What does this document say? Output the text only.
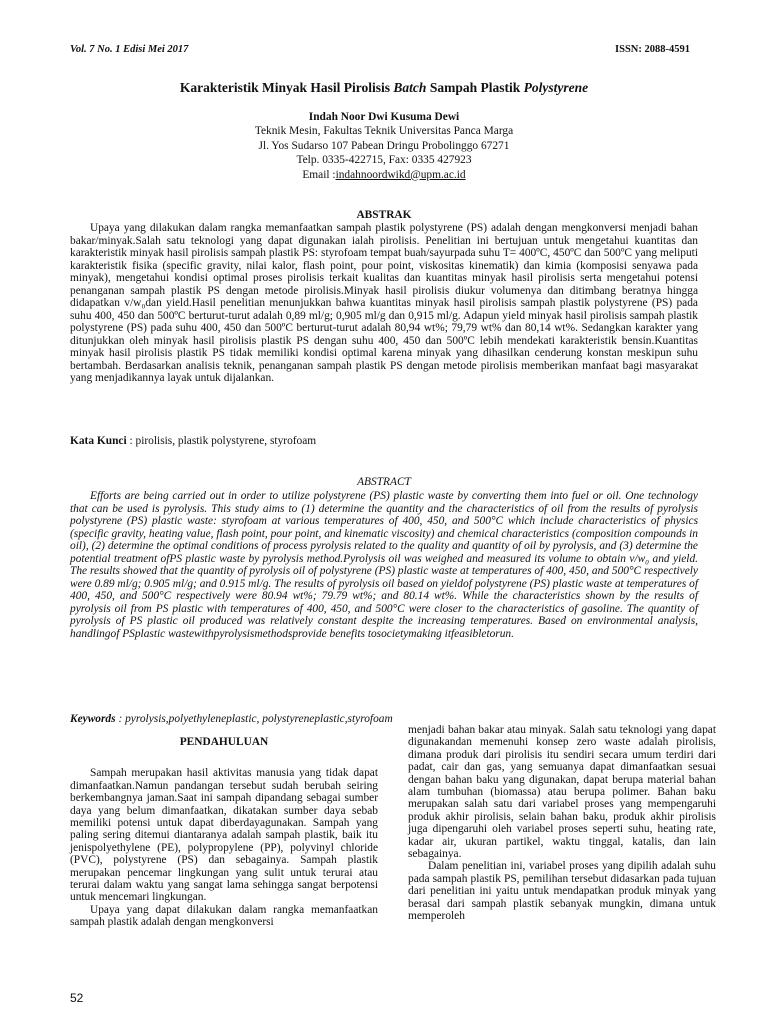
Vol. 7 No. 1 Edisi Mei 2017	ISSN: 2088-4591
Karakteristik Minyak Hasil Pirolisis Batch Sampah Plastik Polystyrene
Indah Noor Dwi Kusuma Dewi
Teknik Mesin, Fakultas Teknik Universitas Panca Marga
Jl. Yos Sudarso 107 Pabean Dringu Probolinggo 67271
Telp. 0335-422715, Fax: 0335 427923
Email :indahnoordwikd@upm.ac.id
ABSTRAK

Upaya yang dilakukan dalam rangka memanfaatkan sampah plastik polystyrene (PS) adalah dengan mengkonversi menjadi bahan bakar/minyak.Salah satu teknologi yang dapat digunakan ialah pirolisis. Penelitian ini bertujuan untuk mengetahui kuantitas dan karakteristik minyak hasil pirolisis sampah plastik PS: styrofoam tempat buah/sayurpada suhu T= 400ºC, 450ºC dan 500ºC yang meliputi karakteristik fisika (specific gravity, nilai kalor, flash point, pour point, viskositas kinematik) dan kimia (komposisi senyawa pada minyak), mengetahui kondisi optimal proses pirolisis terkait kualitas dan kuantitas minyak hasil pirolisis serta mengetahui potensi penanganan sampah plastik PS dengan metode pirolisis.Minyak hasil pirolisis diukur volumenya dan ditimbang beratnya hingga didapatkan v/w₀dan yield.Hasil penelitian menunjukkan bahwa kuantitas minyak hasil pirolisis sampah plastik polystyrene (PS) pada suhu 400, 450 dan 500ºC berturut-turut adalah 0,89 ml/g; 0,905 ml/g dan 0,915 ml/g. Adapun yield minyak hasil pirolisis sampah plastik polystyrene (PS) pada suhu 400, 450 dan 500ºC berturut-turut adalah 80,94 wt%; 79,79 wt% dan 80,14 wt%. Sedangkan karakter yang ditunjukkan oleh minyak hasil pirolisis plastik PS dengan suhu 400, 450 dan 500ºC lebih mendekati karakteristik bensin.Kuantitas minyak hasil pirolisis plastik PS tidak memiliki kondisi optimal karena minyak yang dihasilkan cenderung konstan meskipun suhu bertambah. Berdasarkan analisis teknik, penanganan sampah plastik PS dengan metode pirolisis memberikan manfaat bagi masyarakat yang menjadikannya layak untuk dijalankan.

Kata Kunci : pirolisis, plastik polystyrene, styrofoam
ABSTRACT

Efforts are being carried out in order to utilize polystyrene (PS) plastic waste by converting them into fuel or oil. One technology that can be used is pyrolysis. This study aims to (1) determine the quantity and the characteristics of oil from the results of pyrolysis polystyrene (PS) plastic waste: styrofoam at various temperatures of 400, 450, and 500°C which include characteristics of physics (specific gravity, heating value, flash point, pour point, and kinematic viscosity) and chemical characteristics (composition compounds in oil), (2) determine the optimal conditions of process pyrolysis related to the quality and quantity of oil by pyrolysis, and (3) determine the potential treatment ofPS plastic waste by pyrolysis method.Pyrolysis oil was weighed and measured its volume to obtain v/w₀ and yield. The results showed that the quantity of pyrolysis oil of polystyrene (PS) plastic waste at temperatures of 400, 450, and 500°C respectively were 0.89 ml/g; 0.905 ml/g; and 0.915 ml/g. The results of pyrolysis oil based on yieldof polystyrene (PS) plastic waste at temperatures of 400, 450, and 500°C respectively were 80.94 wt%; 79.79 wt%; and 80.14 wt%. While the characteristics shown by the results of pyrolysis oil from PS plastic with temperatures of 400, 450, and 500°C were closer to the characteristics of gasoline. The quantity of pyrolysis of PS plastic oil produced was relatively constant despite the increasing temperatures. Based on environmental analysis, handlingof PSplastic wastewithpyrolysismethodsprovide benefits tosocietymaking itfeasibletorun.

Keywords : pyrolysis,polyethyleneplastic, polystyreneplastic,styrofoam
PENDAHULUAN

Sampah merupakan hasil aktivitas manusia yang tidak dapat dimanfaatkan.Namun pandangan tersebut sudah berubah seiring berkembangnya jaman.Saat ini sampah dipandang sebagai sumber daya yang belum dimanfaatkan, dikatakan sumber daya sebab memiliki potensi untuk dapat diberdayagunakan. Sampah yang paling sering ditemui diantaranya adalah sampah plastik, baik itu jenispolyethylene (PE), polypropylene (PP), polyvinyl chloride (PVC), polystyrene (PS) dan sebagainya. Sampah plastik merupakan pencemar lingkungan yang sulit untuk terurai atau terurai dalam waktu yang sangat lama sehingga sangat berpotensi untuk mencemari lingkungan.

Upaya yang dapat dilakukan dalam rangka memanfaatkan sampah plastik adalah dengan mengkonversi

menjadi bahan bakar atau minyak. Salah satu teknologi yang dapat digunakandan memenuhi konsep zero waste adalah pirolisis, dimana produk dari pirolisis itu sendiri secara umum terdiri dari padat, cair dan gas, yang semuanya dapat dimanfaatkan sesuai dengan bahan baku yang digunakan, dapat berupa material bahan alam tumbuhan (biomassa) atau berupa polimer. Bahan baku merupakan salah satu dari variabel proses yang mempengaruhi produk akhir pirolisis, selain bahan baku, produk akhir pirolisis juga dipengaruhi oleh variabel proses seperti suhu, heating rate, kadar air, ukuran partikel, waktu tinggal, katalis, dan lain sebagainya.

Dalam penelitian ini, variabel proses yang dipilih adalah suhu pada sampah plastik PS, pemilihan tersebut didasarkan pada tujuan dari penelitian ini yaitu untuk mendapatkan produk minyak yang berasal dari sampah plastik sebanyak mungkin, dimana untuk memperoleh

52
